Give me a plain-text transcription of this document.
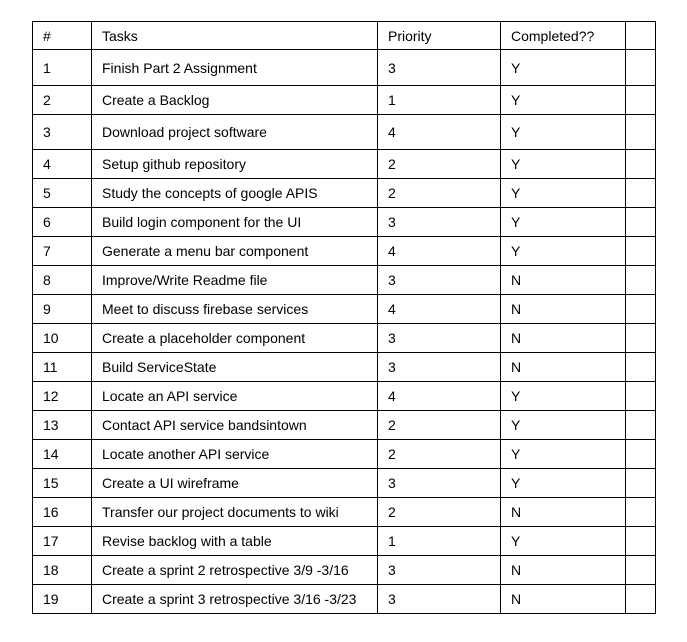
#	Tasks	Priority	Completed??	
1	Finish Part 2 Assignment	3	Y	
2	Create a Backlog	1	Y	
3	Download project software	4	Y	
4	Setup github repository	2	Y	
5	Study the concepts of google APIS	2	Y	
6	Build login component for the UI	3	Y	
7	Generate a menu bar component	4	Y	
8	Improve/Write Readme file	3	N	
9	Meet to discuss firebase services	4	N	
10	Create a placeholder component	3	N	
11	Build ServiceState	3	N	
12	Locate an API service	4	Y	
13	Contact API service bandsintown	2	Y	
14	Locate another API service	2	Y	
15	Create a UI wireframe	3	Y	
16	Transfer our project documents to wiki	2	N	
17	Revise backlog with a table	1	Y	
18	Create a sprint 2 retrospective 3/9 -3/16	3	N	
19	Create a sprint 3 retrospective 3/16 -3/23	3	N	
